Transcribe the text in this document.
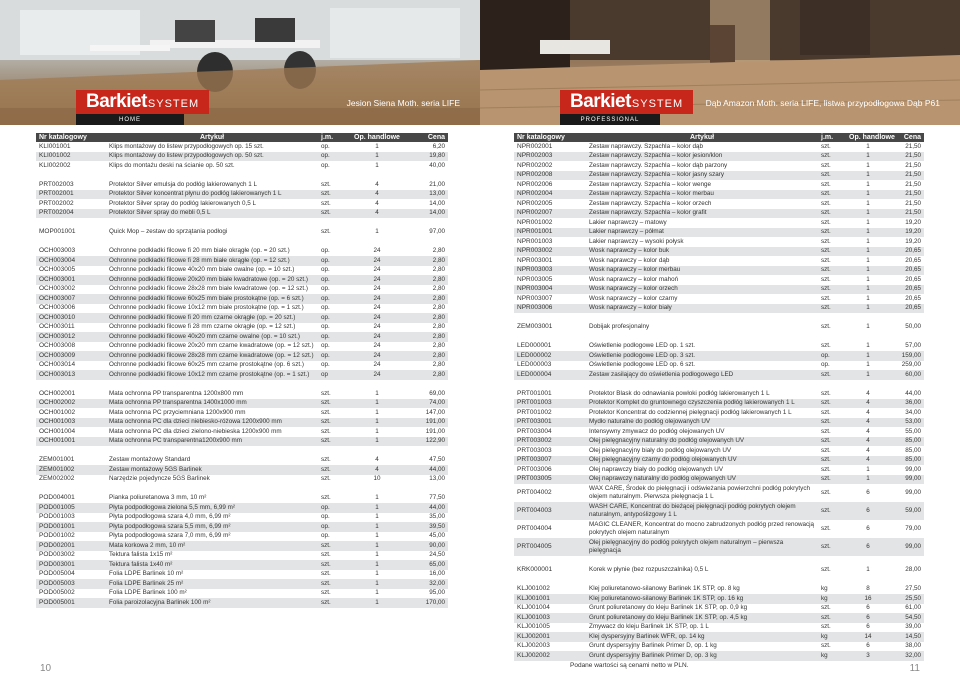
Barkiet SYSTEM
HOME
Jesion Siena Moth. seria LIFE
Nr katalogowy	Artykuł	j.m.	Op. handlowe	Cena
KLI001001	Klips montażowy do listew przypodłogowych op. 15 szt.	op.	1	6,20
KLI001002	Klips montażowy do listew przypodłogowych op. 50 szt.	op.	1	19,80
KLI002002	Klips do montażu deski na ścianie op. 50 szt.	op.	1	40,00

PRT002003	Protektor Silver emulsja do podłóg lakierowanych 1 L	szt.	4	21,00
PRT002001	Protektor Silver koncentrat płynu do podłóg lakierowanych 1 L	szt.	4	13,00
PRT002002	Protektor Silver spray do podłóg lakierowanych 0,5 L	szt.	4	14,00
PRT002004	Protektor Silver spray do mebli 0,5 L	szt.	4	14,00

MOP001001	Quick Mop – zestaw do sprzątania podłogi	szt.	1	97,00

OCH003003	Ochronne podkładki filcowe fi 20 mm białe okrągłe (op. = 20 szt.)	op.	24	2,80
OCH003004	Ochronne podkładki filcowe fi 28 mm białe okrągłe (op. = 12 szt.)	op.	24	2,80
OCH003005	Ochronne podkładki filcowe 40x20 mm białe owalne (op. = 10 szt.)	op.	24	2,80
OCH003001	Ochronne podkładki filcowe 20x20 mm białe kwadratowe (op. = 20 szt.)	op.	24	2,80
OCH003002	Ochronne podkładki filcowe 28x28 mm białe kwadratowe (op. = 12 szt.)	op.	24	2,80
OCH003007	Ochronne podkładki filcowe 60x25 mm białe prostokątne (op. = 6 szt.)	op.	24	2,80
OCH003006	Ochronne podkładki filcowe 10x12 mm białe prostokątne (op. = 1 szt.)	op.	24	2,80
OCH003010	Ochronne podkładki filcowe fi 20 mm czarne okrągłe (op. = 20 szt.)	op.	24	2,80
OCH003011	Ochronne podkładki filcowe fi 28 mm czarne okrągłe (op. = 12 szt.)	op.	24	2,80
OCH003012	Ochronne podkładki filcowe 40x20 mm czarne owalne (op. = 10 szt.)	op.	24	2,80
OCH003008	Ochronne podkładki filcowe 20x20 mm czarne kwadratowe (op. = 12 szt.)	op.	24	2,80
OCH003009	Ochronne podkładki filcowe 28x28 mm czarne kwadratowe (op. = 12 szt.)	op.	24	2,80
OCH003014	Ochronne podkładki filcowe 60x25 mm czarne prostokątne (op. 6 szt.)	op.	24	2,80
OCH003013	Ochronne podkładki filcowe 10x12 mm czarne prostokątne (op. = 1 szt.)	op	24	2,80

OCH002001	Mata ochronna PP transparentna 1200x800 mm	szt.	1	69,00
OCH002002	Mata ochronna PP transparentna 1400x1000 mm	szt.	1	74,00
OCH001002	Mata ochronna PC przyciemniana 1200x900 mm	szt.	1	147,00
OCH001003	Mata ochronna PC dla dzieci niebiesko-różowa 1200x900 mm	szt.	1	191,00
OCH001004	Mata ochronna PC dla dzieci zielono-niebieska 1200x900 mm	szt.	1	191,00
OCH001001	Mata ochronna PC transparentna1200x900 mm	szt.	1	122,90

ZEM001001	Zestaw montażowy Standard	szt.	4	47,50
ZEM001002	Zestaw montażowy 5GS Barlinek	szt.	4	44,00
ZEM002002	Narzędzie pojedyncze 5GS Barlinek	szt.	10	13,00

POD004001	Pianka poliuretanowa 3 mm, 10 m²	szt.	1	77,50
POD001005	Płyta podpodłogowa zielona 5,5 mm, 6,99 m²	op.	1	44,00
POD001003	Płyta podpodłogowa szara 4,0 mm, 6,99 m²	op.	1	35,00
POD001001	Płyta podpodłogowa szara 5,5 mm, 6,99 m²	op.	1	39,50
POD001002	Płyta podpodłogowa szara 7,0 mm, 6,99 m²	op.	1	45,00
POD002001	Mata korkowa 2 mm, 10 m²	szt.	1	90,00
POD003002	Tektura falista 1x15 m²	szt.	1	24,50
POD003001	Tektura falista 1x40 m²	szt.	1	65,00
POD005004	Folia LDPE Barlinek 10 m²	szt.	1	16,00
POD005003	Folia LDPE Barlinek 25 m²	szt.	1	32,00
POD005002	Folia LDPE Barlinek 100 m²	szt.	1	95,00
POD005001	Folia paroizolacyjna Barlinek 100 m²	szt.	1	170,00
10
Barkiet SYSTEM
PROFESSIONAL
Dąb Amazon Moth. seria LIFE, listwa przypodłogowa Dąb P61
Nr katalogowy	Artykuł	j.m.	Op. handlowe	Cena
NPR002001	Zestaw naprawczy. Szpachla – kolor dąb	szt.	1	21,50
NPR002003	Zestaw naprawczy. Szpachla – kolor jesion/klon	szt.	1	21,50
NPR002002	Zestaw naprawczy. Szpachla – kolor dąb parzony	szt.	1	21,50
NPR002008	Zestaw naprawczy. Szpachla – kolor jasny szary	szt.	1	21,50
NPR002006	Zestaw naprawczy. Szpachla – kolor wenge	szt.	1	21,50
NPR002004	Zestaw naprawczy. Szpachla – kolor merbau	szt.	1	21,50
NPR002005	Zestaw naprawczy. Szpachla – kolor orzech	szt.	1	21,50
NPR002007	Zestaw naprawczy. Szpachla – kolor grafit	szt.	1	21,50
NPR001002	Lakier naprawczy – matowy	szt.	1	19,20
NPR001001	Lakier naprawczy – półmat	szt.	1	19,20
NPR001003	Lakier naprawczy – wysoki połysk	szt.	1	19,20
NPR003002	Wosk naprawczy – kolor buk	szt.	1	20,65
NPR003001	Wosk naprawczy – kolor dąb	szt.	1	20,65
NPR003003	Wosk naprawczy – kolor merbau	szt.	1	20,65
NPR003005	Wosk naprawczy – kolor mahoń	szt.	1	20,65
NPR003004	Wosk naprawczy – kolor orzech	szt.	1	20,65
NPR003007	Wosk naprawczy – kolor czarny	szt.	1	20,65
NPR003006	Wosk naprawczy – kolor biały	szt.	1	20,65

ZEM003001	Dobijak profesjonalny	szt.	1	50,00

LED000001	Oświetlenie podłogowe LED op. 1 szt.	szt.	1	57,00
LED000002	Oświetlenie podłogowe LED op. 3 szt.	op.	1	159,00
LED000003	Oświetlenie podłogowe LED op. 6 szt.	op.	1	259,00
LED000004	Zestaw zasilający do oświetlenia podłogowego LED	szt.	1	60,00

PRT001001	Protektor Blask do odnawiania powłoki podłóg lakierowanych 1 L	szt.	4	44,00
PRT001003	Protektor Komplet do gruntownego czyszczenia podłóg lakierowanych 1 L	szt.	4	36,00
PRT001002	Protektor Koncentrat do codziennej pielęgnacji podłóg lakierowanych 1 L	szt.	4	34,00
PRT003001	Mydło naturalne do podłóg olejowanych UV	szt.	4	53,00
PRT003004	Intensywny zmywacz do podłóg olejowanych UV	szt.	4	55,00
PRT003002	Olej pielęgnacyjny naturalny do podłóg olejowanych UV	szt.	4	85,00
PRT003003	Olej pielęgnacyjny biały do podłóg olejowanych UV	szt.	4	85,00
PRT003007	Olej pielęgnacyjny czarny do podłóg olejowanych UV	szt.	4	85,00
PRT003006	Olej naprawczy biały do podłóg olejowanych UV	szt.	1	99,00
PRT003005	Olej naprawczy naturalny do podłóg olejowanych UV	szt.	1	99,00
PRT004002	WAX CARE, Środek do pielęgnacji i odświeżania powierzchni podłóg pokrytych olejem naturalnym. Pierwsza pielęgnacja 1 L	szt.	6	99,00
PRT004003	WASH CARE, Koncentrat do bieżącej pielęgnacji podłóg pokrytych olejem naturalnym, antypoślizgowy 1 L	szt.	6	59,00
PRT004004	MAGIC CLEANER, Koncentrat do mocno zabrudzonych podłóg przed renowacją pokrytych olejem naturalnym	szt.	6	79,00
PRT004005	Olej pielęgnacyjny do podłóg pokrytych olejem naturalnym – pierwsza pielęgnacja	szt.	6	99,00

KRK000001	Korek w płynie (bez rozpuszczalnika) 0,5 L	szt.	1	28,00

KLJ001002	Klej poliuretanowo-silanowy Barlinek 1K STP, op. 8 kg	kg	8	27,50
KLJ001001	Klej poliuretanowo-silanowy Barlinek 1K STP, op. 16 kg	kg	16	25,50
KLJ001004	Grunt poliuretanowy do kleju Barlinek 1K STP, op. 0,9 kg	szt.	6	61,00
KLJ001003	Grunt poliuretanowy do kleju Barlinek 1K STP, op. 4,5 kg	szt.	6	54,50
KLJ001005	Zmywacz do kleju Barlinek 1K STP, op. 1 L	szt.	6	39,00
KLJ002001	Klej dyspersyjny Barlinek WFR, op. 14 kg	kg	14	14,50
KLJ002003	Grunt dyspersyjny Barlinek Primer D, op. 1 kg	szt.	6	38,00
KLJ002002	Grunt dyspersyjny Barlinek Primer D, op. 3 kg	kg	3	32,00
Podane wartości są cenami netto w PLN.	11
